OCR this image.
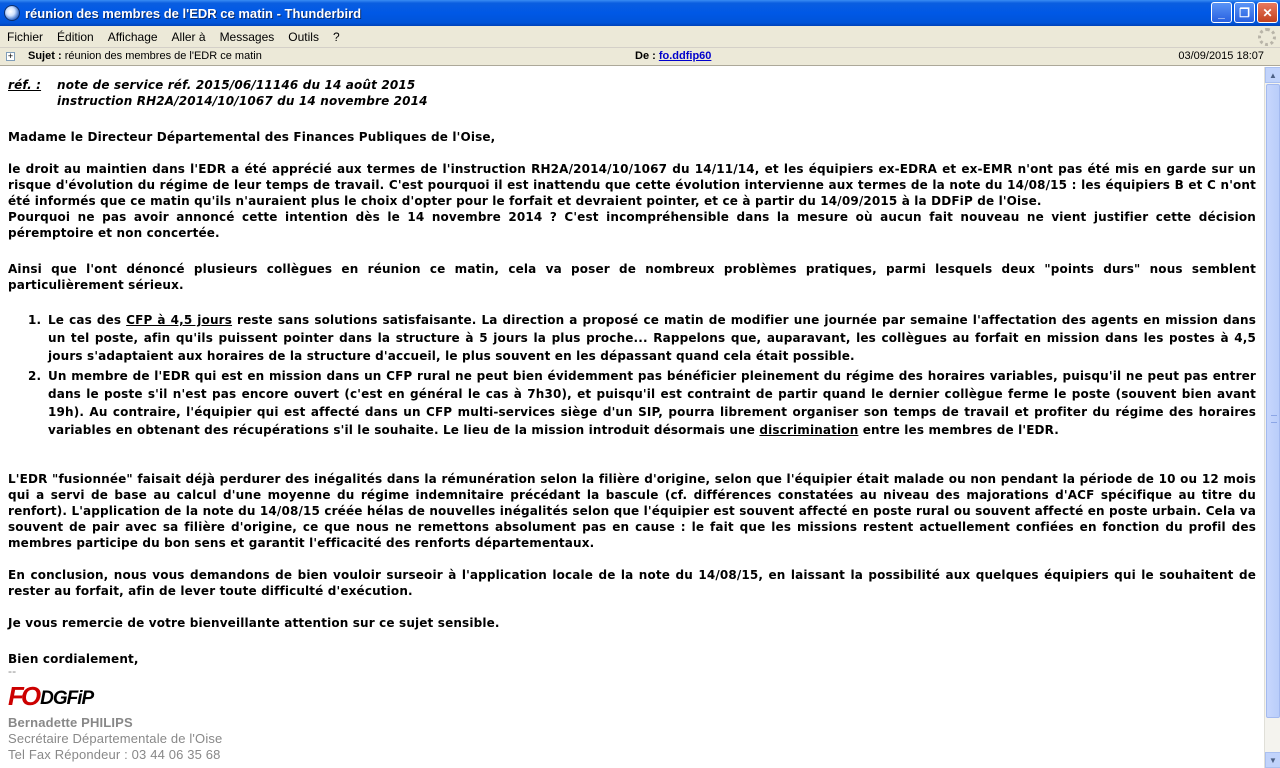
réunion des membres de l'EDR ce matin - Thunderbird	_	❐	✕
Fichier	Édition	Affichage	Aller à	Messages	Outils	?
+ Sujet : réunion des membres de l'EDR ce matin	De : fo.ddfip60	03/09/2015 18:07
réf. :	note de service réf. 2015/06/11146 du 14 août 2015
instruction RH2A/2014/10/1067 du 14 novembre 2014
Madame le Directeur Départemental des Finances Publiques de l'Oise,
le droit au maintien dans l'EDR a été apprécié aux termes de l'instruction RH2A/2014/10/1067 du 14/11/14, et les équipiers ex-EDRA et ex-EMR n'ont pas été mis en garde sur un risque d'évolution du régime de leur temps de travail. C'est pourquoi il est inattendu que cette évolution intervienne aux termes de la note du 14/08/15 : les équipiers B et C n'ont été informés que ce matin qu'ils n'auraient plus le choix d'opter pour le forfait et devraient pointer, et ce à partir du 14/09/2015 à la DDFiP de l'Oise.
Pourquoi ne pas avoir annoncé cette intention dès le 14 novembre 2014 ? C'est incompréhensible dans la mesure où aucun fait nouveau ne vient justifier cette décision péremptoire et non concertée.
Ainsi que l'ont dénoncé plusieurs collègues en réunion ce matin, cela va poser de nombreux problèmes pratiques, parmi lesquels deux "points durs" nous semblent particulièrement sérieux.
1. Le cas des CFP à 4,5 jours reste sans solutions satisfaisante. La direction a proposé ce matin de modifier une journée par semaine l'affectation des agents en mission dans un tel poste, afin qu'ils puissent pointer dans la structure à 5 jours la plus proche... Rappelons que, auparavant, les collègues au forfait en mission dans les postes à 4,5 jours s'adaptaient aux horaires de la structure d'accueil, le plus souvent en les dépassant quand cela était possible.
2. Un membre de l'EDR qui est en mission dans un CFP rural ne peut bien évidemment pas bénéficier pleinement du régime des horaires variables, puisqu'il ne peut pas entrer dans le poste s'il n'est pas encore ouvert (c'est en général le cas à 7h30), et puisqu'il est contraint de partir quand le dernier collègue ferme le poste (souvent bien avant 19h). Au contraire, l'équipier qui est affecté dans un CFP multi-services siège d'un SIP, pourra librement organiser son temps de travail et profiter du régime des horaires variables en obtenant des récupérations s'il le souhaite. Le lieu de la mission introduit désormais une discrimination entre les membres de l'EDR.
L'EDR "fusionnée" faisait déjà perdurer des inégalités dans la rémunération selon la filière d'origine, selon que l'équipier était malade ou non pendant la période de 10 ou 12 mois qui a servi de base au calcul d'une moyenne du régime indemnitaire précédant la bascule (cf. différences constatées au niveau des majorations d'ACF spécifique au titre du renfort). L'application de la note du 14/08/15 créée hélas de nouvelles inégalités selon que l'équipier est souvent affecté en poste rural ou souvent affecté en poste urbain. Cela va souvent de pair avec sa filière d'origine, ce que nous ne remettons absolument pas en cause : le fait que les missions restent actuellement confiées en fonction du profil des membres participe du bon sens et garantit l'efficacité des renforts départementaux.
En conclusion, nous vous demandons de bien vouloir surseoir à l'application locale de la note du 14/08/15, en laissant la possibilité aux quelques équipiers qui le souhaitent de rester au forfait, afin de lever toute difficulté d'exécution.
Je vous remercie de votre bienveillante attention sur ce sujet sensible.
Bien cordialement,
--
FO DGFiP
Bernadette PHILIPS
Secrétaire Départementale de l'Oise
Tel Fax Répondeur : 03 44 06 35 68
▲
▼
